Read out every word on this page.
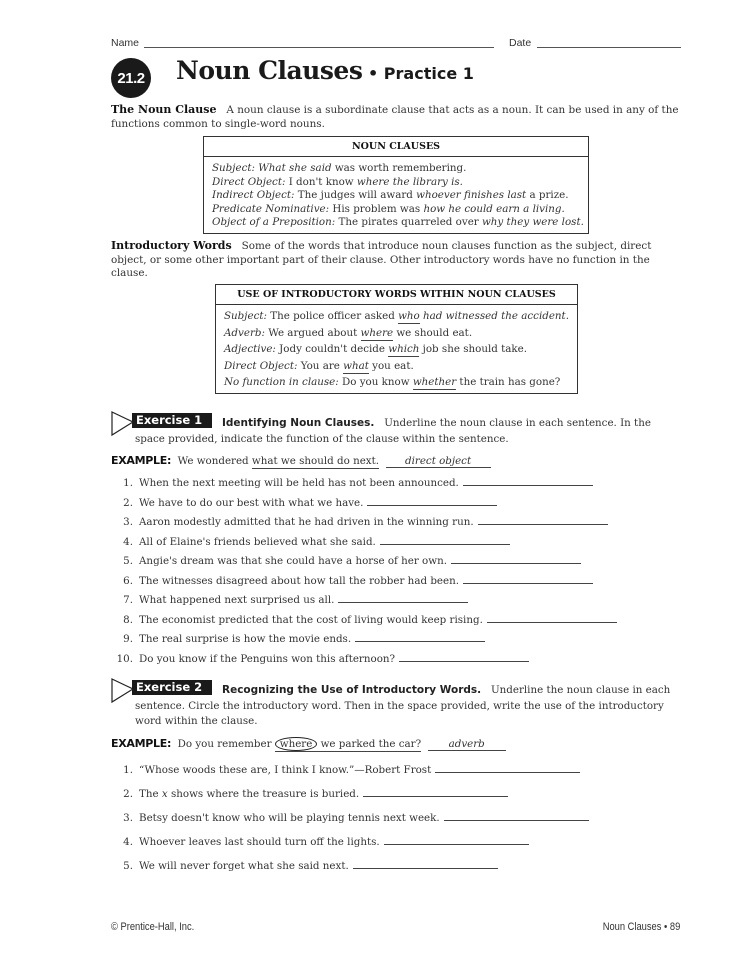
Name	Date
21.2 Noun Clauses • Practice 1
The Noun Clause A noun clause is a subordinate clause that acts as a noun. It can be used in any of the functions common to single-word nouns.
NOUN CLAUSES
Subject: What she said was worth remembering.
Direct Object: I don't know where the library is.
Indirect Object: The judges will award whoever finishes last a prize.
Predicate Nominative: His problem was how he could earn a living.
Object of a Preposition: The pirates quarreled over why they were lost.
Introductory Words Some of the words that introduce noun clauses function as the subject, direct object, or some other important part of their clause. Other introductory words have no function in the clause.
USE OF INTRODUCTORY WORDS WITHIN NOUN CLAUSES
Subject: The police officer asked who had witnessed the accident.
Adverb: We argued about where we should eat.
Adjective: Jody couldn't decide which job she should take.
Direct Object: You are what you eat.
No function in clause: Do you know whether the train has gone?
Exercise 1	Identifying Noun Clauses. Underline the noun clause in each sentence. In the
space provided, indicate the function of the clause within the sentence.
EXAMPLE: We wondered what we should do next.	direct object
1. When the next meeting will be held has not been announced.
2. We have to do our best with what we have.
3. Aaron modestly admitted that he had driven in the winning run.
4. All of Elaine's friends believed what she said.
5. Angie's dream was that she could have a horse of her own.
6. The witnesses disagreed about how tall the robber had been.
7. What happened next surprised us all.
8. The economist predicted that the cost of living would keep rising.
9. The real surprise is how the movie ends.
10. Do you know if the Penguins won this afternoon?
Exercise 2	Recognizing the Use of Introductory Words. Underline the noun clause in each
sentence. Circle the introductory word. Then in the space provided, write the use of the introductory
word within the clause.
EXAMPLE: Do you remember where we parked the car?	adverb
1. “Whose woods these are, I think I know.”—Robert Frost
2. The x shows where the treasure is buried.
3. Betsy doesn't know who will be playing tennis next week.
4. Whoever leaves last should turn off the lights.
5. We will never forget what she said next.
© Prentice-Hall, Inc.	Noun Clauses • 89
